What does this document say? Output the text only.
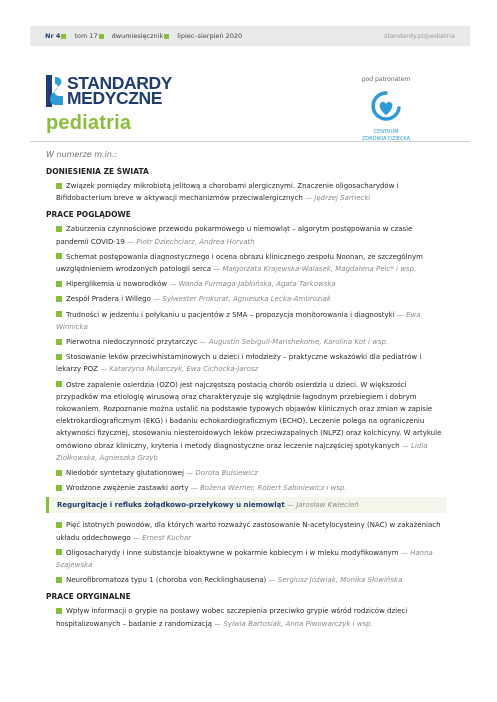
Nr 4 tom 17 dwumiesięcznik lipiec–sierpień 2020	standardy.pl/pediatria
STANDARDY
MEDYCZNE
pediatria
pod patronatem
CENTRUM
ZDROWIA DZIECKA
W numerze m.in.:
DONIESIENIA ZE ŚWIATA
Związek pomiędzy mikrobiotą jelitową a chorobami alergicznymi. Znaczenie oligosacharydów i Bifidobacterium breve w aktywacji mechanizmów przeciwalergicznych — Jędrzej Sarnecki
PRACE POGLĄDOWE
Zaburzenia czynnościowe przewodu pokarmowego u niemowląt – algorytm postępowania w czasie pandemii COVID-19 — Piotr Dziechciarz, Andrea Horvath
Schemat postępowania diagnostycznego i ocena obrazu klinicznego zespołu Noonan, ze szczególnym uwzględnieniem wrodzonych patologii serca — Małgorzata Krajewska-Walasek, Magdalena Pelc* i wsp.
Hiperglikemia u noworodków — Wanda Furmaga-Jabłońska, Agata Tarkowska
Zespół Pradera i Willego — Sylwester Prokurat, Agnieszka Lecka-Ambroziak
Trudności w jedzeniu i połykaniu u pacjentów z SMA – propozycja monitorowania i diagnostyki — Ewa Winnicka
Pierwotna niedoczynność przytarczyc — Augustin Sebiguli-Marishekome, Karolina Kot i wsp.
Stosowanie leków przeciwhistaminowych u dzieci i młodzieży – praktyczne wskazówki dla pediatrów i lekarzy POZ — Katarzyna Mularczyk, Ewa Cichocka-Jarosz
Ostre zapalenie osierdzia (OZO) jest najczęstszą postacią chorób osierdzia u dzieci. W większości przypadków ma etiologię wirusową oraz charakteryzuje się względnie łagodnym przebiegiem i dobrym rokowaniem. Rozpoznanie można ustalić na podstawie typowych objawów klinicznych oraz zmian w zapisie elektrokardiograficznym (EKG) i badaniu echokardiograficznym (ECHO). Leczenie polega na ograniczeniu aktywności fizycznej, stosowaniu niesteroidowych leków przeciwzapalnych (NLPZ) oraz kolchicyny. W artykule omówiono obraz kliniczny, kryteria i metody diagnostyczne oraz leczenie najczęściej spotykanych — Lidia Ziółkowska, Agnieszka Grzyb
Niedobór syntetazy glutationowej — Dorota Bulsiewicz
Wrodzone zwężenie zastawki aorty — Bożena Werner, Robert Sabiniewicz i wsp.
Regurgitacje i refluks żołądkowo-przełykowy u niemowląt — Jarosław Kwiecień
Pięć istotnych powodów, dla których warto rozważyć zastosowanie N-acetylocysteiny (NAC) w zakażeniach układu oddechowego — Ernest Kuchar
Oligosacharydy i inne substancje bioaktywne w pokarmie kobiecym i w mleku modyfikowanym — Hanna Szajewska
Neurofibromatoza typu 1 (choroba von Recklinghausena) — Sergiusz Jóźwiak, Monika Słowińska
PRACE ORYGINALNE
Wpływ informacji o grypie na postawy wobec szczepienia przeciwko grypie wśród rodziców dzieci hospitalizowanych – badanie z randomizacją — Sylwia Bartosiak, Anna Piwowarczyk i wsp.
